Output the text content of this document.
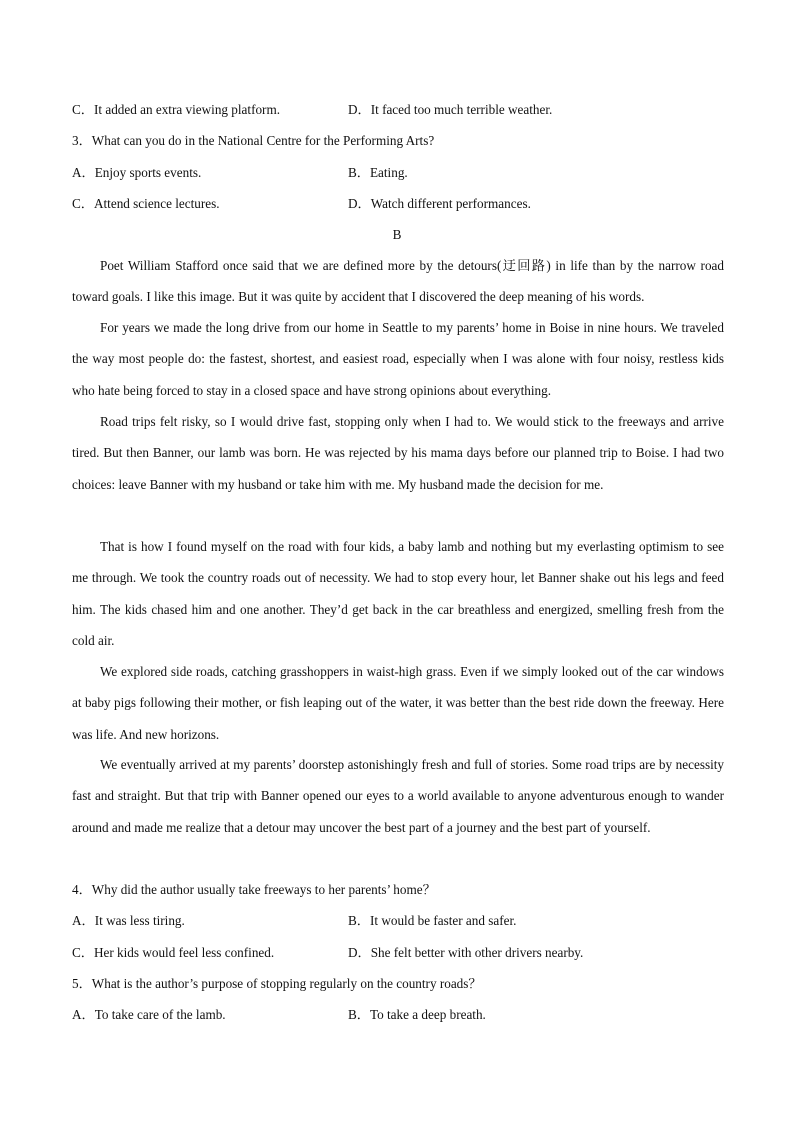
C．It added an extra viewing platform.	D．It faced too much terrible weather.
3．What can you do in the National Centre for the Performing Arts?
A．Enjoy sports events.	B．Eating.
C．Attend science lectures.	D．Watch different performances.
B
Poet William Stafford once said that we are defined more by the detours(迂回路) in life than by the narrow road toward goals. I like this image. But it was quite by accident that I discovered the deep meaning of his words.
For years we made the long drive from our home in Seattle to my parents’ home in Boise in nine hours. We traveled the way most people do: the fastest, shortest, and easiest road, especially when I was alone with four noisy, restless kids who hate being forced to stay in a closed space and have strong opinions about everything.
Road trips felt risky, so I would drive fast, stopping only when I had to. We would stick to the freeways and arrive tired. But then Banner, our lamb was born. He was rejected by his mama days before our planned trip to Boise. I had two choices: leave Banner with my husband or take him with me. My husband made the decision for me.
That is how I found myself on the road with four kids, a baby lamb and nothing but my everlasting optimism to see me through. We took the country roads out of necessity. We had to stop every hour, let Banner shake out his legs and feed him. The kids chased him and one another. They’d get back in the car breathless and energized, smelling fresh from the cold air.
We explored side roads, catching grasshoppers in waist-high grass. Even if we simply looked out of the car windows at baby pigs following their mother, or fish leaping out of the water, it was better than the best ride down the freeway. Here was life. And new horizons.
We eventually arrived at my parents’ doorstep astonishingly fresh and full of stories. Some road trips are by necessity fast and straight. But that trip with Banner opened our eyes to a world available to anyone adventurous enough to wander around and made me realize that a detour may uncover the best part of a journey and the best part of yourself.
4．Why did the author usually take freeways to her parents’ home？
A．It was less tiring.	B．It would be faster and safer.
C．Her kids would feel less confined.	D．She felt better with other drivers nearby.
5．What is the author’s purpose of stopping regularly on the country roads？
A．To take care of the lamb.	B．To take a deep breath.
